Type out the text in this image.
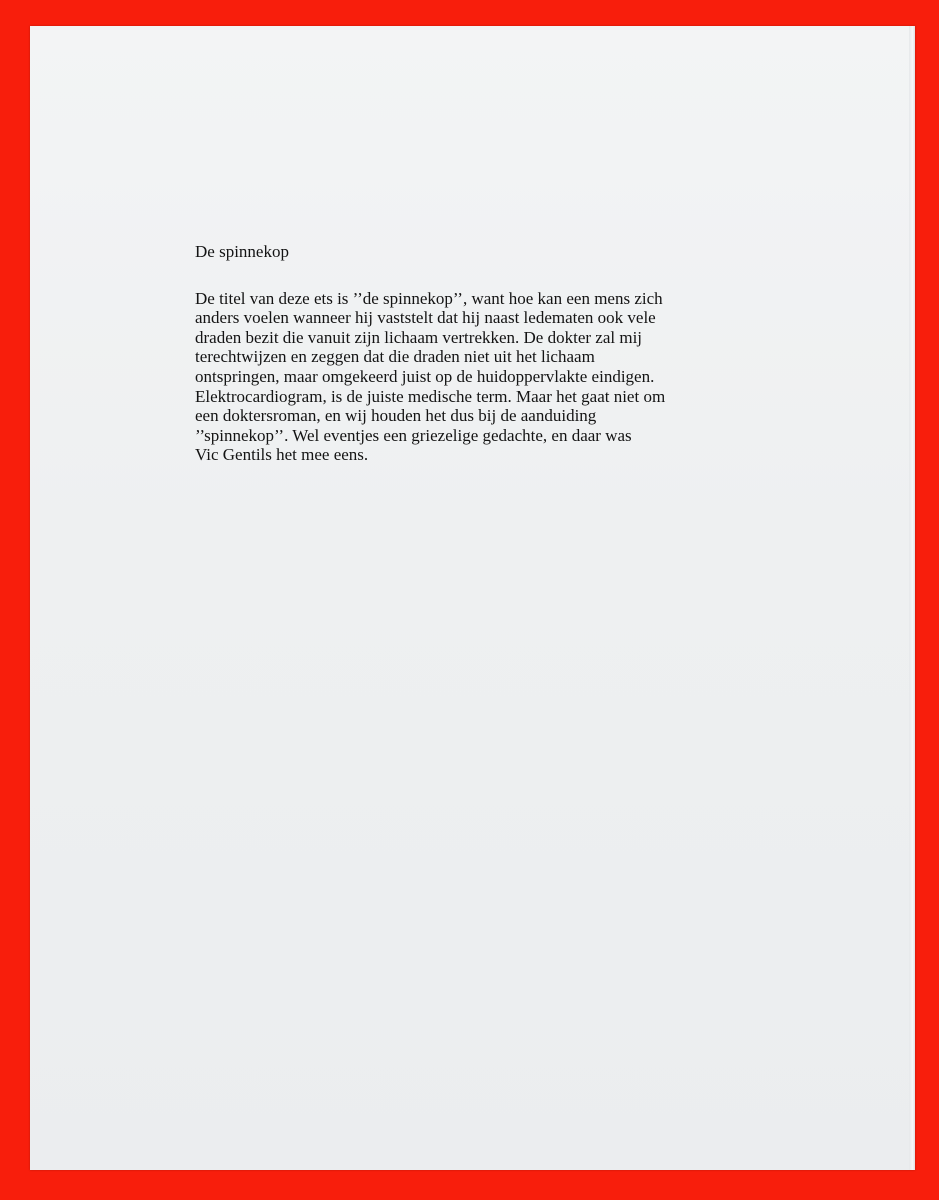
De spinnekop
De titel van deze ets is ’’de spinnekop’’, want hoe kan een mens zich
anders voelen wanneer hij vaststelt dat hij naast ledematen ook vele
draden bezit die vanuit zijn lichaam vertrekken. De dokter zal mij
terechtwijzen en zeggen dat die draden niet uit het lichaam
ontspringen, maar omgekeerd juist op de huidoppervlakte eindigen.
Elektrocardiogram, is de juiste medische term. Maar het gaat niet om
een doktersroman, en wij houden het dus bij de aanduiding
’’spinnekop’’. Wel eventjes een griezelige gedachte, en daar was
Vic Gentils het mee eens.
